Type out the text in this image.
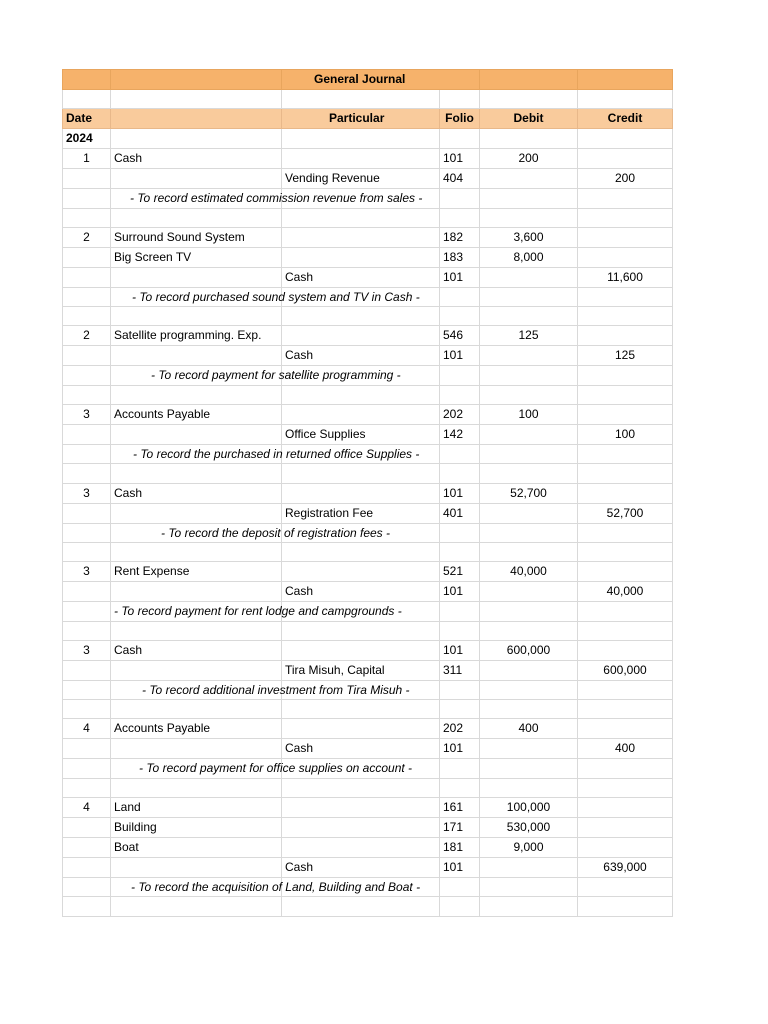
		General Journal			

Date		Particular	Folio	Debit	Credit
2024					
1	Cash		101	200	
		Vending Revenue	404		200

	- To record estimated commission revenue from sales -				

2	Surround Sound System		182	3,600	
	Big Screen TV		183	8,000	
		Cash	101		11,600

	- To record purchased sound system and TV in Cash -				

2	Satellite programming. Exp.		546	125	
		Cash	101		125

	- To record payment for satellite programming -				

3	Accounts Payable		202	100	
		Office Supplies	142		100

	- To record the purchased in returned office Supplies -				

3	Cash		101	52,700	
		Registration Fee	401		52,700

	- To record the deposit of registration fees -				

3	Rent Expense		521	40,000	
		Cash	101		40,000

	- To record payment for rent lodge and campgrounds -				

3	Cash		101	600,000	
		Tira Misuh, Capital	311		600,000

	- To record additional investment from Tira Misuh -				

4	Accounts Payable		202	400	
		Cash	101		400

	- To record payment for office supplies on account -				

4	Land		161	100,000	
	Building		171	530,000	
	Boat		181	9,000	
		Cash	101		639,000

	- To record the acquisition of Land, Building and Boat -				
